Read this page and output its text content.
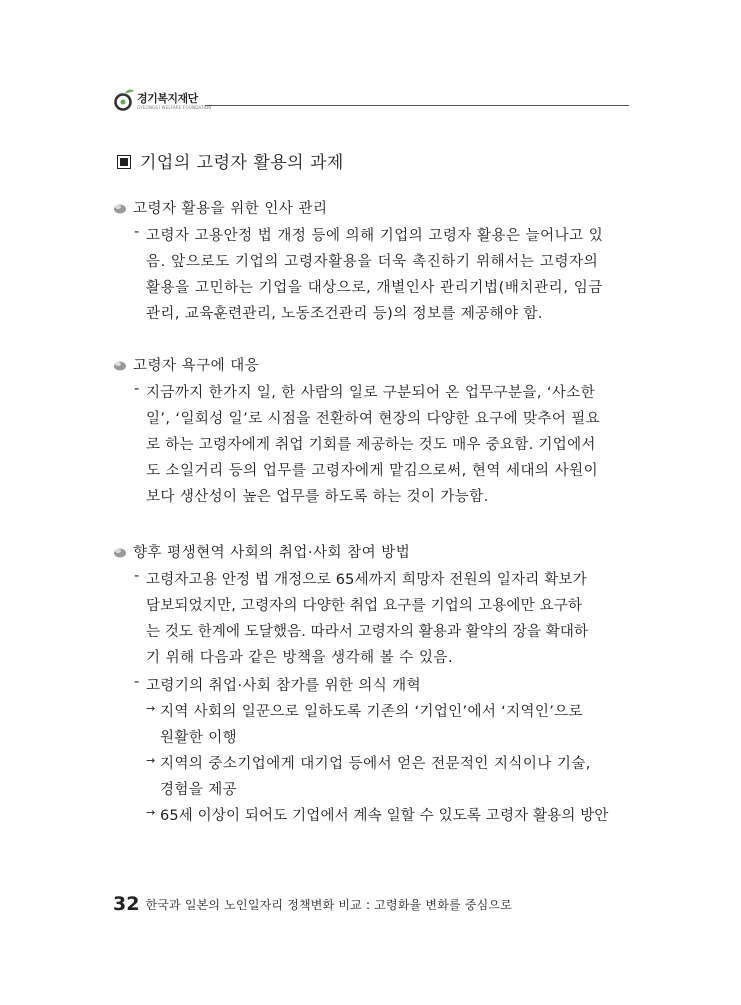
경기복지재단
GYEONGGI WELFARE FOUNDATION
기업의 고령자 활용의 과제
고령자 활용을 위한 인사 관리
- 고령자 고용안정 법 개정 등에 의해 기업의 고령자 활용은 늘어나고 있
음. 앞으로도 기업의 고령자활용을 더욱 촉진하기 위해서는 고령자의
활용을 고민하는 기업을 대상으로, 개별인사 관리기법(배치관리, 임금
관리, 교육훈련관리, 노동조건관리 등)의 정보를 제공해야 함.
고령자 욕구에 대응
- 지금까지 한가지 일, 한 사람의 일로 구분되어 온 업무구분을, ‘사소한
일’, ‘일회성 일’로 시점을 전환하여 현장의 다양한 요구에 맞추어 필요
로 하는 고령자에게 취업 기회를 제공하는 것도 매우 중요함. 기업에서
도 소일거리 등의 업무를 고령자에게 맡김으로써, 현역 세대의 사원이
보다 생산성이 높은 업무를 하도록 하는 것이 가능함.
향후 평생현역 사회의 취업·사회 참여 방법
- 고령자고용 안정 법 개정으로 65세까지 희망자 전원의 일자리 확보가
담보되었지만, 고령자의 다양한 취업 요구를 기업의 고용에만 요구하
는 것도 한계에 도달했음. 따라서 고령자의 활용과 활약의 장을 확대하
기 위해 다음과 같은 방책을 생각해 볼 수 있음.
- 고령기의 취업·사회 참가를 위한 의식 개혁
→ 지역 사회의 일꾼으로 일하도록 기존의 ‘기업인’에서 ‘지역인’으로
원활한 이행
→ 지역의 중소기업에게 대기업 등에서 얻은 전문적인 지식이나 기술,
경험을 제공
→ 65세 이상이 되어도 기업에서 계속 일할 수 있도록 고령자 활용의 방안
32 한국과 일본의 노인일자리 정책변화 비교 : 고령화율 변화를 중심으로
